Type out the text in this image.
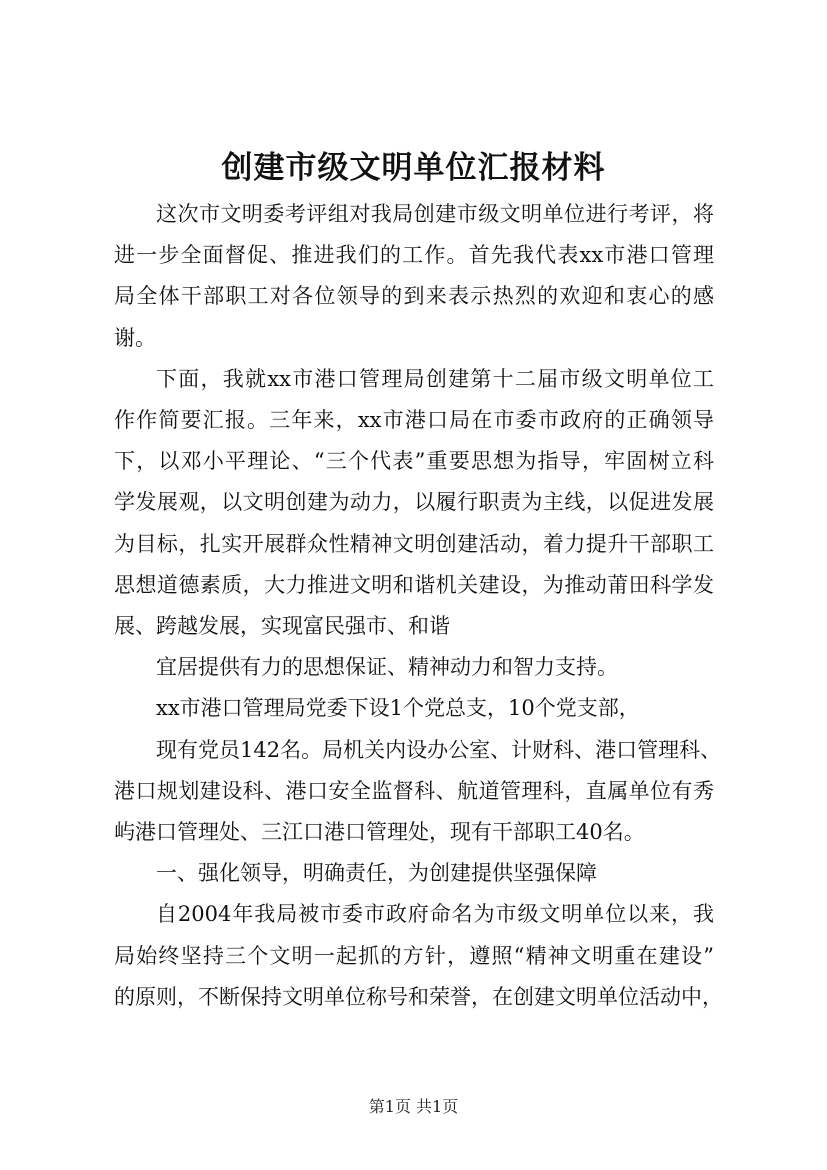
创建市级文明单位汇报材料

这次市文明委考评组对我局创建市级文明单位进行考评，将
进一步全面督促、推进我们的工作。首先我代表xx市港口管理
局全体干部职工对各位领导的到来表示热烈的欢迎和衷心的感
谢。

下面，我就xx市港口管理局创建第十二届市级文明单位工
作作简要汇报。三年来，xx市港口局在市委市政府的正确领导
下，以邓小平理论、“三个代表”重要思想为指导，牢固树立科
学发展观，以文明创建为动力，以履行职责为主线，以促进发展
为目标，扎实开展群众性精神文明创建活动，着力提升干部职工
思想道德素质，大力推进文明和谐机关建设，为推动莆田科学发
展、跨越发展，实现富民强市、和谐

宜居提供有力的思想保证、精神动力和智力支持。

xx市港口管理局党委下设1个党总支，10个党支部，

现有党员142名。局机关内设办公室、计财科、港口管理科、
港口规划建设科、港口安全监督科、航道管理科，直属单位有秀
屿港口管理处、三江口港口管理处，现有干部职工40名。

一、强化领导，明确责任，为创建提供坚强保障

自2004年我局被市委市政府命名为市级文明单位以来，我
局始终坚持三个文明一起抓的方针，遵照“精神文明重在建设”
的原则，不断保持文明单位称号和荣誉，在创建文明单位活动中，

第1页 共1页
